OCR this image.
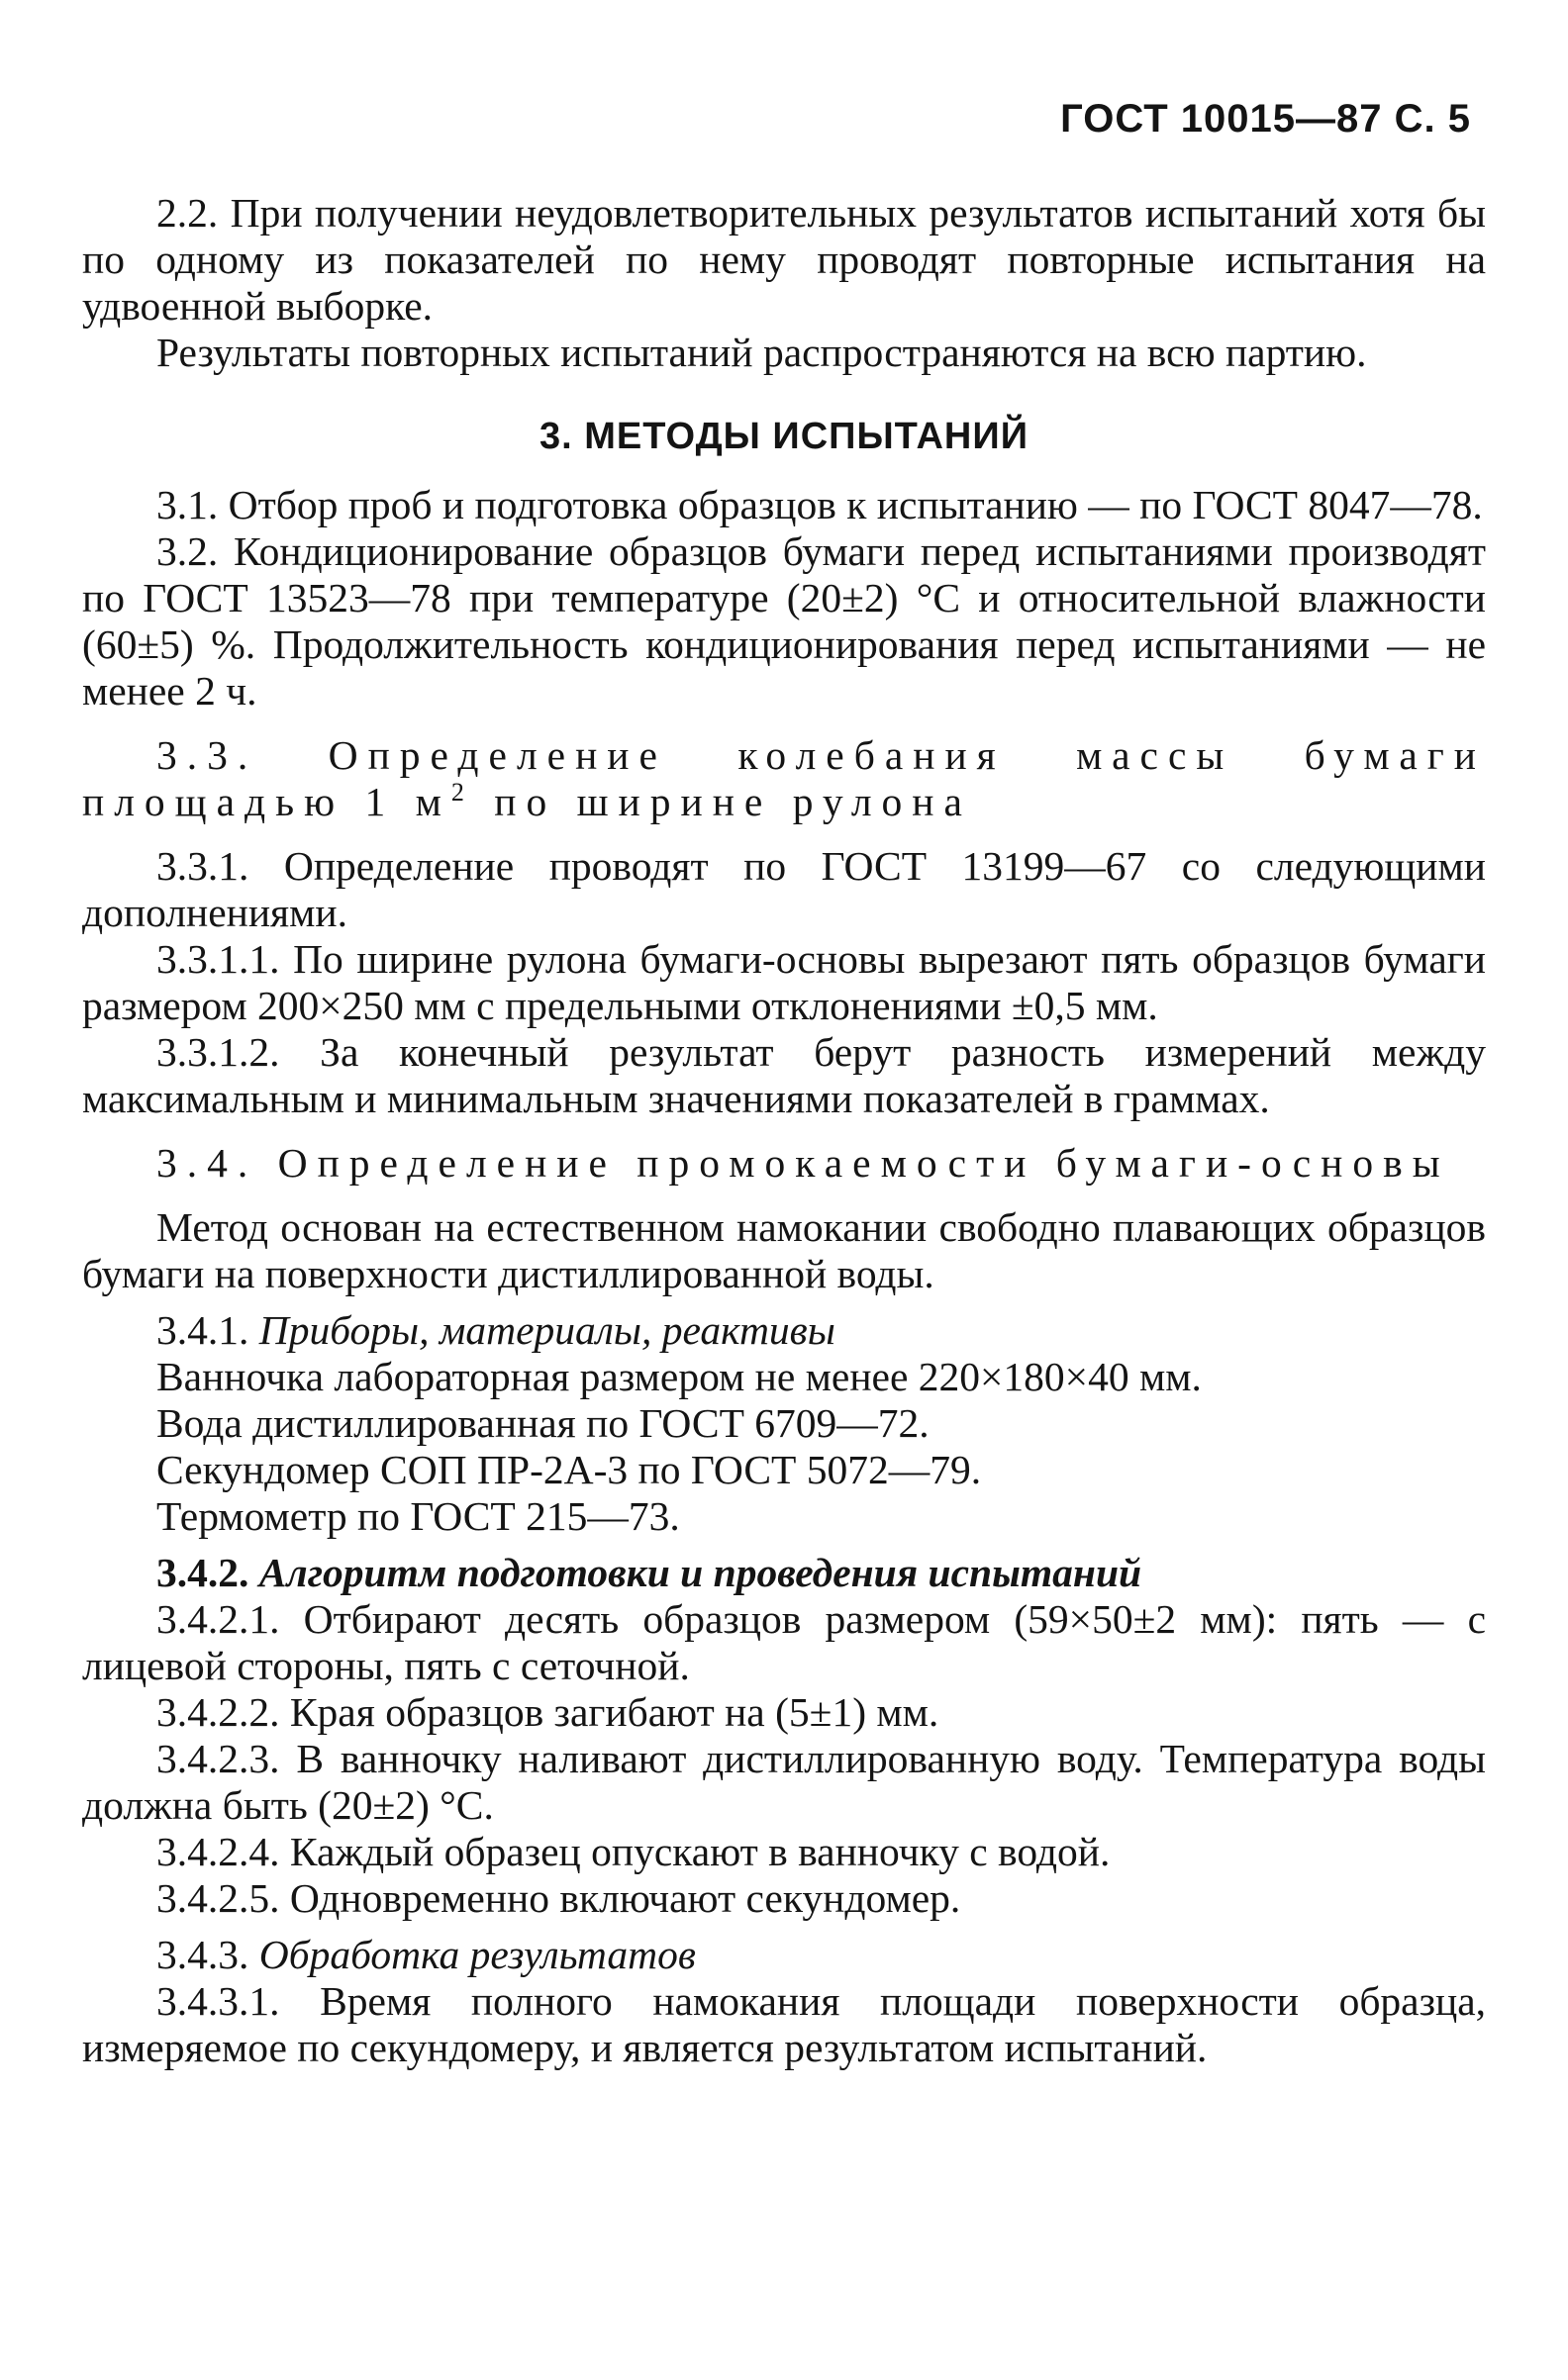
ГОСТ 10015—87 С. 5

2.2. При получении неудовлетворительных результатов испытаний хотя бы по одному из показателей по нему проводят повторные испытания на удвоенной выборке.

Результаты повторных испытаний распространяются на всю партию.

3. МЕТОДЫ ИСПЫТАНИЙ

3.1. Отбор проб и подготовка образцов к испытанию — по ГОСТ 8047—78.

3.2. Кондиционирование образцов бумаги перед испытаниями производят по ГОСТ 13523—78 при температуре (20±2) °С и относительной влажности (60±5) %. Продолжительность кондиционирования перед испытаниями — не менее 2 ч.

3.3. Определение колебания массы бумаги площадью 1 $м^2$ по ширине рулона

3.3.1. Определение проводят по ГОСТ 13199—67 со следующими дополнениями.

3.3.1.1. По ширине рулона бумаги-основы вырезают пять образцов бумаги размером 200×250 мм с предельными отклонениями ±0,5 мм.

3.3.1.2. За конечный результат берут разность измерений между максимальным и минимальным значениями показателей в граммах.

3.4. Определение промокаемости бумаги-основы

Метод основан на естественном намокании свободно плавающих образцов бумаги на поверхности дистиллированной воды.

3.4.1. Приборы, материалы, реактивы

Ванночка лабораторная размером не менее 220×180×40 мм.

Вода дистиллированная по ГОСТ 6709—72.

Секундомер СОП ПР-2А-3 по ГОСТ 5072—79.

Термометр по ГОСТ 215—73.

3.4.2. Алгоритм подготовки и проведения испытаний

3.4.2.1. Отбирают десять образцов размером (59×50±2 мм): пять — с лицевой стороны, пять с сеточной.

3.4.2.2. Края образцов загибают на (5±1) мм.

3.4.2.3. В ванночку наливают дистиллированную воду. Температура воды должна быть (20±2) °С.

3.4.2.4. Каждый образец опускают в ванночку с водой.

3.4.2.5. Одновременно включают секундомер.

3.4.3. Обработка результатов

3.4.3.1. Время полного намокания площади поверхности образца, измеряемое по секундомеру, и является результатом испытаний.
